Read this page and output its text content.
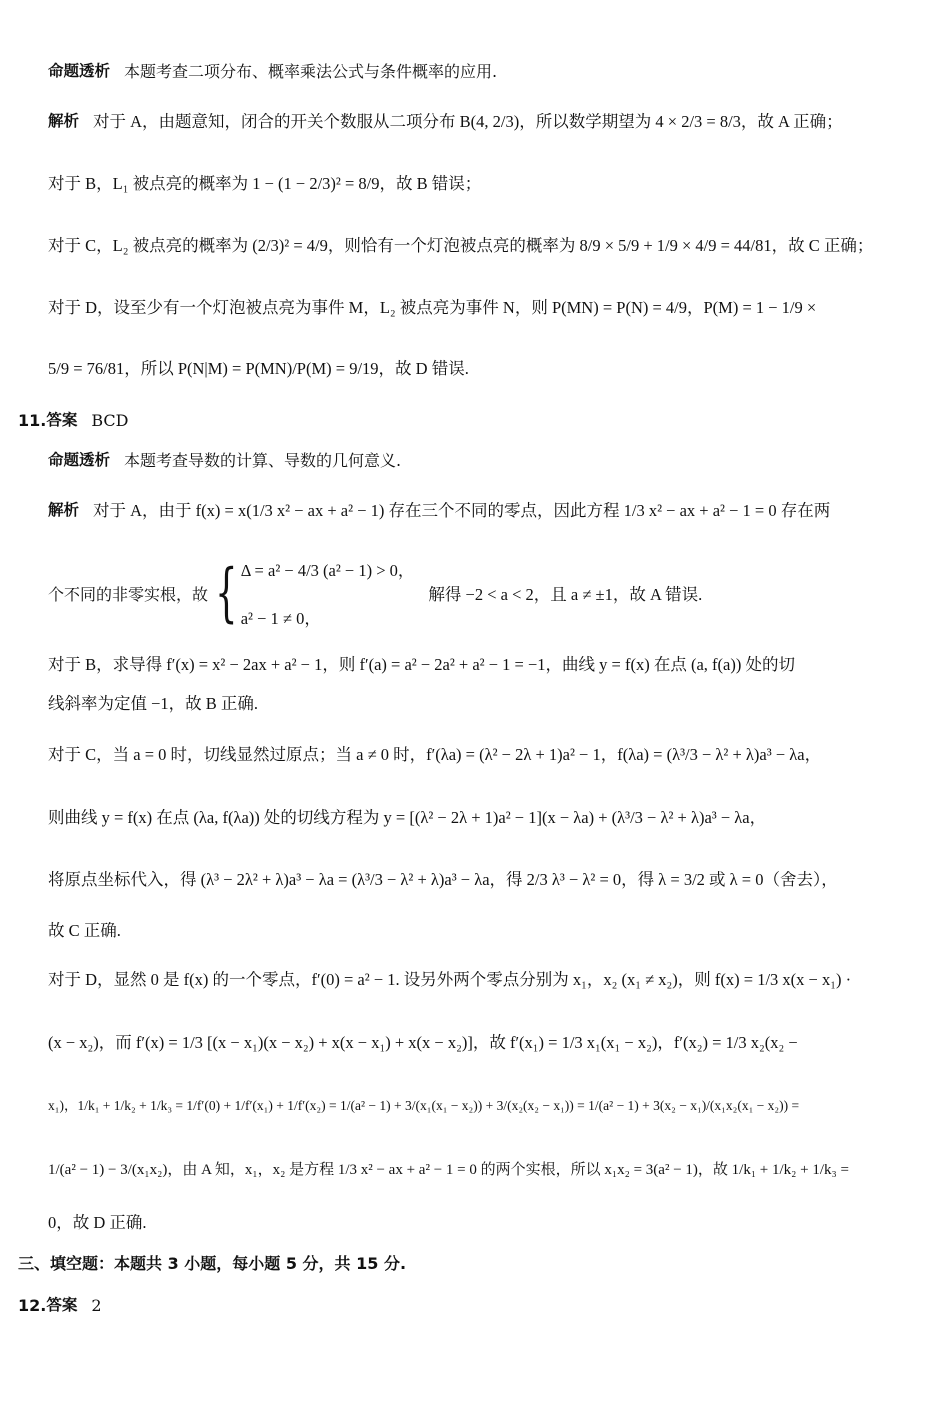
命题透析 本题考查二项分布、概率乘法公式与条件概率的应用.
解析 对于 A，由题意知，闭合的开关个数服从二项分布 B(4, 2/3)，所以数学期望为 4 × 2/3 = 8/3，故 A 正确；
对于 B，L₁ 被点亮的概率为 1 − (1 − 2/3)² = 8/9，故 B 错误；
对于 C，L₂ 被点亮的概率为 (2/3)² = 4/9，则恰有一个灯泡被点亮的概率为 8/9 × 5/9 + 1/9 × 4/9 = 44/81，故 C 正确；
对于 D，设至少有一个灯泡被点亮为事件 M，L₂ 被点亮为事件 N，则 P(MN) = P(N) = 4/9，P(M) = 1 − 1/9 ×
5/9 = 76/81，所以 P(N|M) = P(MN)/P(M) = 9/19，故 D 错误.
11. 答案 BCD
命题透析 本题考查导数的计算、导数的几何意义.
解析 对于 A，由于 f(x) = x(1/3 x² − ax + a² − 1) 存在三个不同的零点，因此方程 1/3 x² − ax + a² − 1 = 0 存在两
个不同的非零实根，故 { Δ = a² − 4/3 (a² − 1) > 0，
a² − 1 ≠ 0，
解得 −2 < a < 2，且 a ≠ ±1，故 A 错误.
对于 B，求导得 f′(x) = x² − 2ax + a² − 1，则 f′(a) = a² − 2a² + a² − 1 = −1，曲线 y = f(x) 在点 (a, f(a)) 处的切
线斜率为定值 −1，故 B 正确.
对于 C，当 a = 0 时，切线显然过原点；当 a ≠ 0 时，f′(λa) = (λ² − 2λ + 1)a² − 1，f(λa) = (λ³/3 − λ² + λ)a³ − λa，
则曲线 y = f(x) 在点 (λa, f(λa)) 处的切线方程为 y = [(λ² − 2λ + 1)a² − 1](x − λa) + (λ³/3 − λ² + λ)a³ − λa，
将原点坐标代入，得 (λ³ − 2λ² + λ)a³ − λa = (λ³/3 − λ² + λ)a³ − λa，得 2/3 λ³ − λ² = 0，得 λ = 3/2 或 λ = 0（舍去），
故 C 正确.
对于 D，显然 0 是 f(x) 的一个零点，f′(0) = a² − 1. 设另外两个零点分别为 x₁，x₂ (x₁ ≠ x₂)，则 f(x) = 1/3 x(x − x₁) ·
(x − x₂)，而 f′(x) = 1/3 [(x − x₁)(x − x₂) + x(x − x₁) + x(x − x₂)]，故 f′(x₁) = 1/3 x₁(x₁ − x₂)，f′(x₂) = 1/3 x₂(x₂ −
x₁)，1/k₁ + 1/k₂ + 1/k₃ = 1/f′(0) + 1/f′(x₁) + 1/f′(x₂) = 1/(a² − 1) + 3/(x₁(x₁ − x₂)) + 3/(x₂(x₂ − x₁)) = 1/(a² − 1) + 3(x₂ − x₁)/(x₁x₂(x₁ − x₂)) =
1/(a² − 1) − 3/(x₁x₂)，由 A 知，x₁，x₂ 是方程 1/3 x² − ax + a² − 1 = 0 的两个实根，所以 x₁x₂ = 3(a² − 1)，故 1/k₁ + 1/k₂ + 1/k₃ =
0，故 D 正确.
三、填空题：本题共 3 小题，每小题 5 分，共 15 分.
12. 答案 2
